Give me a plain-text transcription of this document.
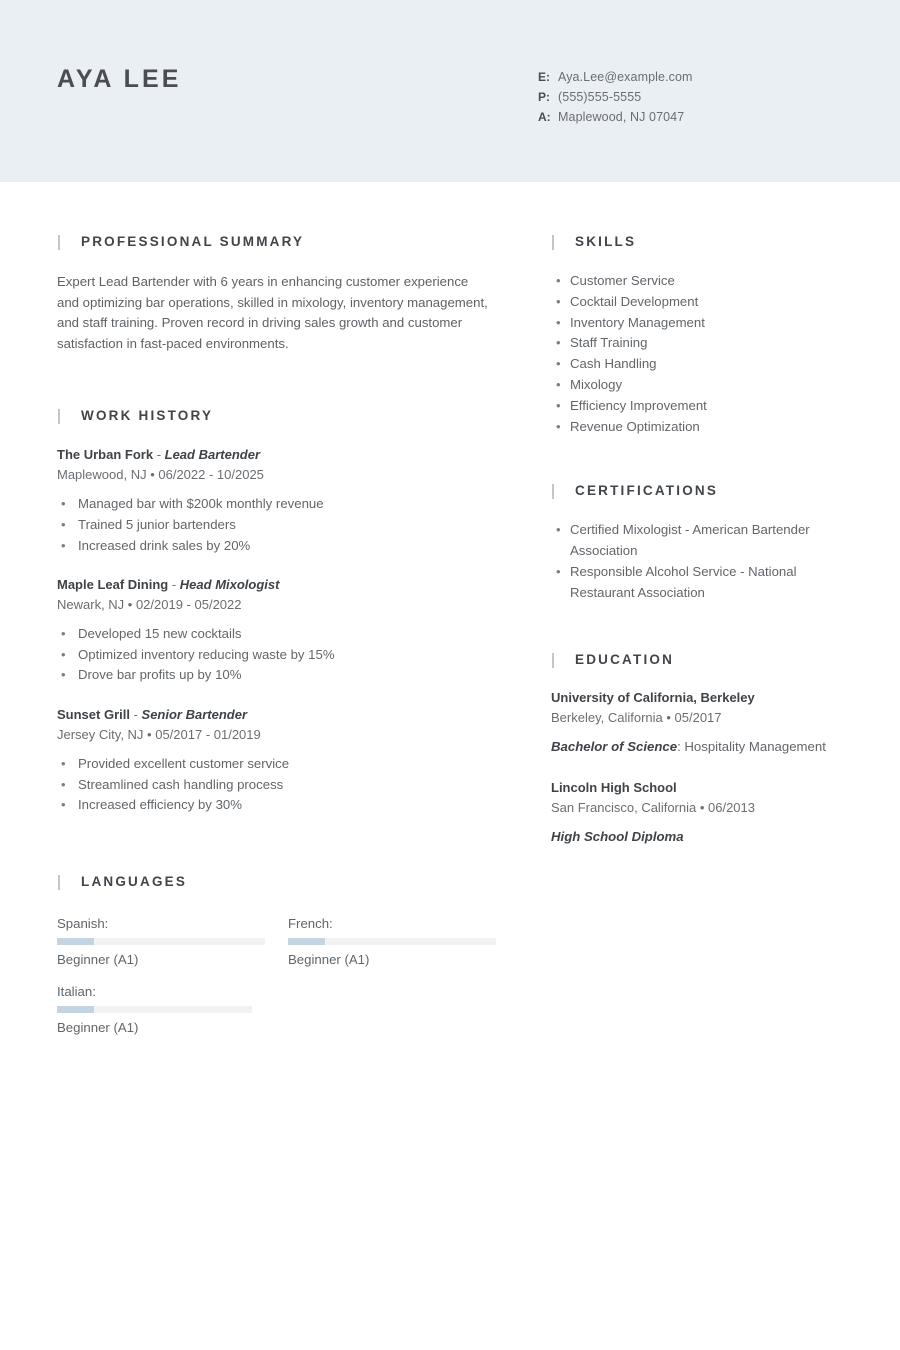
AYA LEE	E: Aya.Lee@example.com
P: (555)555-5555
A: Maplewood, NJ 07047
PROFESSIONAL SUMMARY
Expert Lead Bartender with 6 years in enhancing customer experience and optimizing bar operations, skilled in mixology, inventory management, and staff training. Proven record in driving sales growth and customer satisfaction in fast-paced environments.
WORK HISTORY
The Urban Fork - Lead Bartender
Maplewood, NJ • 06/2022 - 10/2025
• Managed bar with $200k monthly revenue
• Trained 5 junior bartenders
• Increased drink sales by 20%
Maple Leaf Dining - Head Mixologist
Newark, NJ • 02/2019 - 05/2022
• Developed 15 new cocktails
• Optimized inventory reducing waste by 15%
• Drove bar profits up by 10%
Sunset Grill - Senior Bartender
Jersey City, NJ • 05/2017 - 01/2019
• Provided excellent customer service
• Streamlined cash handling process
• Increased efficiency by 30%
LANGUAGES
Spanish:
Beginner (A1)
French:
Beginner (A1)
Italian:
Beginner (A1)
SKILLS
• Customer Service
• Cocktail Development
• Inventory Management
• Staff Training
• Cash Handling
• Mixology
• Efficiency Improvement
• Revenue Optimization
CERTIFICATIONS
• Certified Mixologist - American Bartender Association
• Responsible Alcohol Service - National Restaurant Association
EDUCATION
University of California, Berkeley
Berkeley, California • 05/2017
Bachelor of Science: Hospitality Management
Lincoln High School
San Francisco, California • 06/2013
High School Diploma
